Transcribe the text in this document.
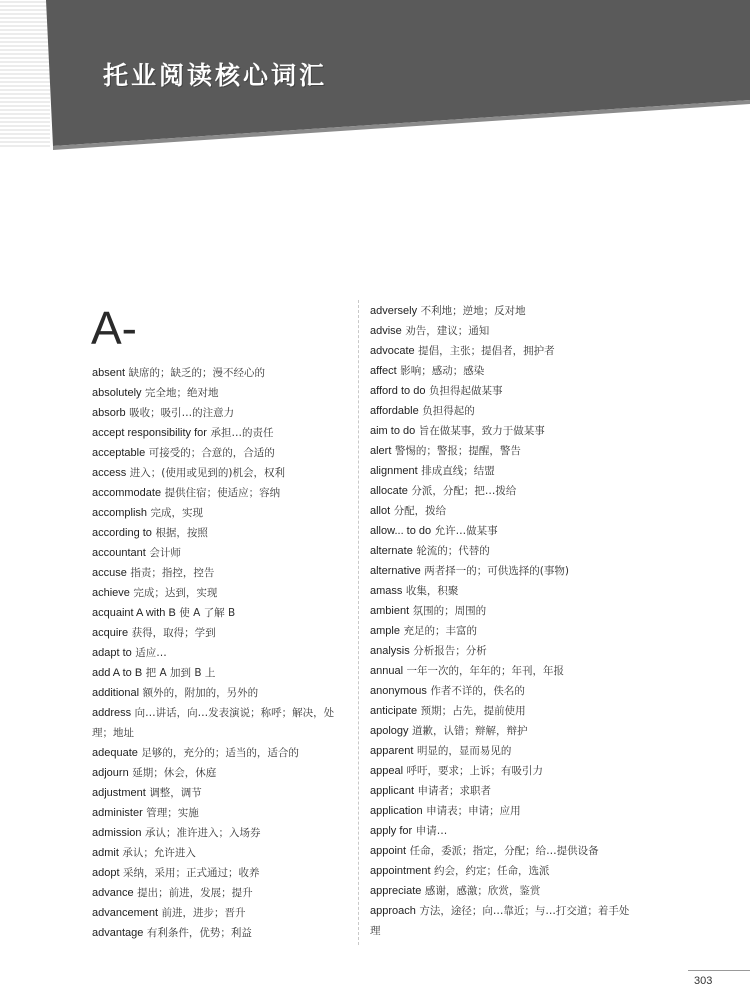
托业阅读核心词汇
A-
absent 缺席的；缺乏的；漫不经心的
absolutely 完全地；绝对地
absorb 吸收；吸引…的注意力
accept responsibility for 承担…的责任
acceptable 可接受的；合意的，合适的
access 进入；(使用或见到的)机会，权利
accommodate 提供住宿；使适应；容纳
accomplish 完成，实现
according to 根据，按照
accountant 会计师
accuse 指责；指控，控告
achieve 完成；达到，实现
acquaint A with B 使 A 了解 B
acquire 获得，取得；学到
adapt to 适应…
add A to B 把 A 加到 B 上
additional 额外的，附加的，另外的
address 向…讲话，向…发表演说；称呼；解决，处理；地址
adequate 足够的，充分的；适当的，适合的
adjourn 延期；休会，休庭
adjustment 调整，调节
administer 管理；实施
admission 承认；准许进入；入场券
admit 承认；允许进入
adopt 采纳，采用；正式通过；收养
advance 提出；前进，发展；提升
advancement 前进，进步；晋升
advantage 有利条件，优势；利益
adversely 不利地；逆地；反对地
advise 劝告，建议；通知
advocate 提倡，主张；提倡者，拥护者
affect 影响；感动；感染
afford to do 负担得起做某事
affordable 负担得起的
aim to do 旨在做某事，致力于做某事
alert 警惕的；警报；提醒，警告
alignment 排成直线；结盟
allocate 分派，分配；把…拨给
allot 分配，拨给
allow... to do 允许…做某事
alternate 轮流的；代替的
alternative 两者择一的；可供选择的(事物)
amass 收集，积聚
ambient 氛围的；周围的
ample 充足的；丰富的
analysis 分析报告；分析
annual 一年一次的，年年的；年刊，年报
anonymous 作者不详的，佚名的
anticipate 预期；占先，提前使用
apology 道歉，认错；辩解，辩护
apparent 明显的，显而易见的
appeal 呼吁，要求；上诉；有吸引力
applicant 申请者；求职者
application 申请表；申请；应用
apply for 申请…
appoint 任命，委派；指定，分配；给…提供设备
appointment 约会，约定；任命，选派
appreciate 感谢，感激；欣赏，鉴赏
approach 方法，途径；向…靠近；与…打交道；着手处理
303
